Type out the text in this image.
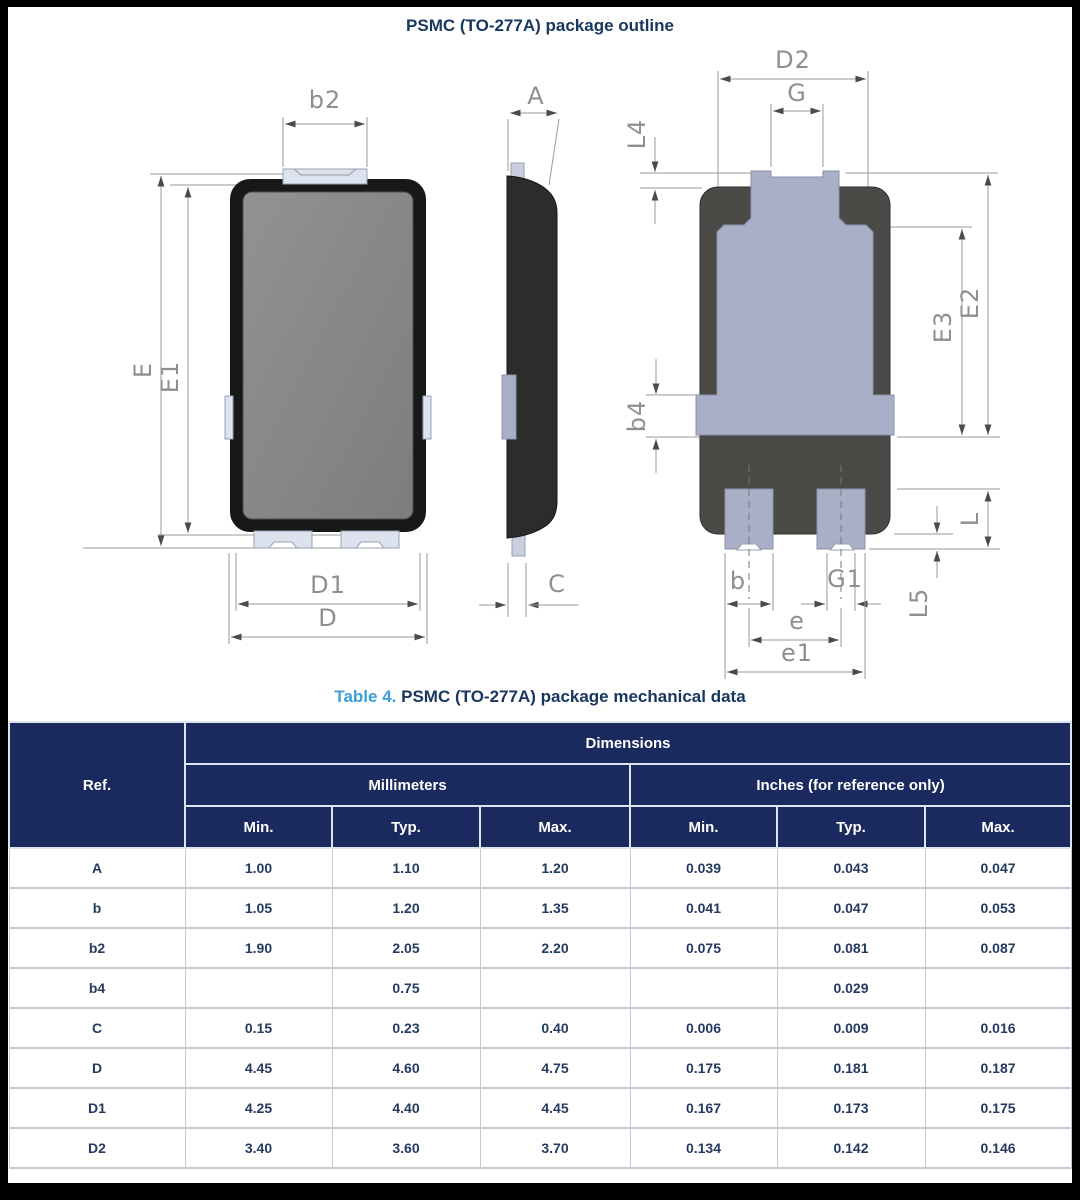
PSMC (TO-277A) package outline
b2
E E1
D1
D
A
C
D2
G
L4
E2
E3
b4
L
L5
b	G1
e
e1
Table 4. PSMC (TO-277A) package mechanical data
Ref.	Dimensions					
	Millimeters			Inches (for reference only)		
	Min.	Typ.	Max.	Min.	Typ.	Max.
A	1.00	1.10	1.20	0.039	0.043	0.047
b	1.05	1.20	1.35	0.041	0.047	0.053
b2	1.90	2.05	2.20	0.075	0.081	0.087
b4		0.75			0.029	
C	0.15	0.23	0.40	0.006	0.009	0.016
D	4.45	4.60	4.75	0.175	0.181	0.187
D1	4.25	4.40	4.45	0.167	0.173	0.175
D2	3.40	3.60	3.70	0.134	0.142	0.146
